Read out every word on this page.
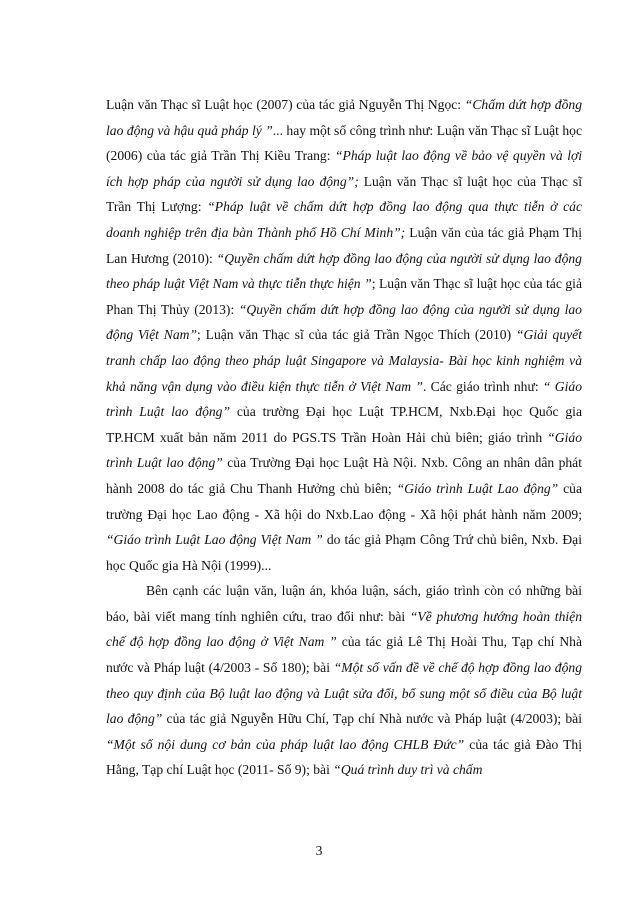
Luận văn Thạc sĩ Luật học (2007) của tác giả Nguyễn Thị Ngọc: “Chấm dứt hợp đồng lao động và hậu quả pháp lý ”... hay một số công trình như: Luận văn Thạc sĩ Luật học (2006) của tác giả Trần Thị Kiều Trang: “Pháp luật lao động về bảo vệ quyền và lợi ích hợp pháp của người sử dụng lao động”; Luận văn Thạc sĩ luật học của Thạc sĩ Trần Thị Lượng: “Pháp luật về chấm dứt hợp đồng lao động qua thực tiễn ở các doanh nghiệp trên địa bàn Thành phố Hồ Chí Minh”; Luận văn của tác giả Phạm Thị Lan Hương (2010): “Quyền chấm dứt hợp đồng lao động của người sử dụng lao động theo pháp luật Việt Nam và thực tiễn thực hiện ”; Luận văn Thạc sĩ luật học của tác giả Phan Thị Thủy (2013): “Quyền chấm dứt hợp đồng lao động của người sử dụng lao động Việt Nam”; Luận văn Thạc sĩ của tác giả Trần Ngọc Thích (2010) “Giải quyết tranh chấp lao động theo pháp luật Singapore và Malaysia- Bài học kinh nghiệm và khả năng vận dụng vào điều kiện thực tiễn ở Việt Nam ”. Các giáo trình như: “ Giáo trình Luật lao động” của trường Đại học Luật TP.HCM, Nxb.Đại học Quốc gia TP.HCM xuất bản năm 2011 do PGS.TS Trần Hoàn Hải chủ biên; giáo trình “Giáo trình Luật lao động” của Trường Đại học Luật Hà Nội. Nxb. Công an nhân dân phát hành 2008 do tác giả Chu Thanh Hưởng chủ biên; “Giáo trình Luật Lao động” của trường Đại học Lao động - Xã hội do Nxb.Lao động - Xã hội phát hành năm 2009; “Giáo trình Luật Lao động Việt Nam ” do tác giả Phạm Công Trứ chủ biên, Nxb. Đại học Quốc gia Hà Nội (1999)...

Bên cạnh các luận văn, luận án, khóa luận, sách, giáo trình còn có những bài báo, bài viết mang tính nghiên cứu, trao đổi như: bài “Về phương hướng hoàn thiện chế độ hợp đồng lao động ở Việt Nam ” của tác giả Lê Thị Hoài Thu, Tạp chí Nhà nước và Pháp luật (4/2003 - Số 180); bài “Một số vấn đề về chế độ hợp đồng lao động theo quy định của Bộ luật lao động và Luật sửa đổi, bổ sung một số điều của Bộ luật lao động” của tác giả Nguyễn Hữu Chí, Tạp chí Nhà nước và Pháp luật (4/2003); bài “Một số nội dung cơ bản của pháp luật lao động CHLB Đức” của tác giả Đào Thị Hằng, Tạp chí Luật học (2011- Số 9); bài “Quá trình duy trì và chấm

3
